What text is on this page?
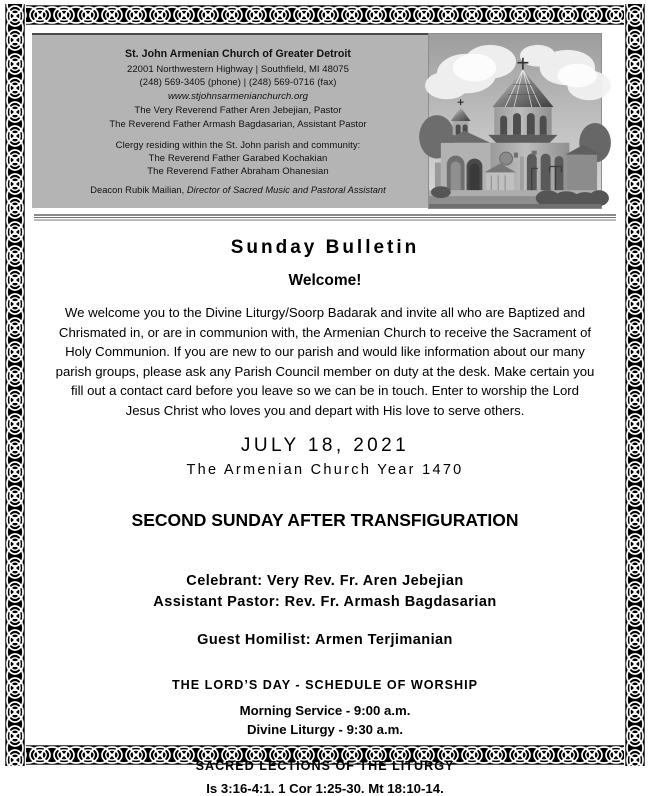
St. John Armenian Church of Greater Detroit
22001 Northwestern Highway | Southfield, MI 48075
(248) 569-3405 (phone) | (248) 569-0716 (fax)
www.stjohnsarmenianchurch.org
The Very Reverend Father Aren Jebejian, Pastor
The Reverend Father Armash Bagdasarian, Assistant Pastor
Clergy residing within the St. John parish and community:
The Reverend Father Garabed Kochakian
The Reverend Father Abraham Ohanesian
Deacon Rubik Mailian, Director of Sacred Music and Pastoral Assistant
Sunday Bulletin
Welcome!
We welcome you to the Divine Liturgy/Soorp Badarak and invite all who are Baptized and Chrismated in, or are in communion with, the Armenian Church to receive the Sacrament of Holy Communion. If you are new to our parish and would like information about our many parish groups, please ask any Parish Council member on duty at the desk. Make certain you fill out a contact card before you leave so we can be in touch. Enter to worship the Lord Jesus Christ who loves you and depart with His love to serve others.
JULY 18, 2021
The Armenian Church Year 1470
SECOND SUNDAY AFTER TRANSFIGURATION
Celebrant: Very Rev. Fr. Aren Jebejian
Assistant Pastor: Rev. Fr. Armash Bagdasarian
Guest Homilist: Armen Terjimanian
THE LORD’S DAY - SCHEDULE OF WORSHIP
Morning Service - 9:00 a.m.
Divine Liturgy - 9:30 a.m.
SACRED LECTIONS OF THE LITURGY
Is 3:16-4:1. 1 Cor 1:25-30. Mt 18:10-14.
